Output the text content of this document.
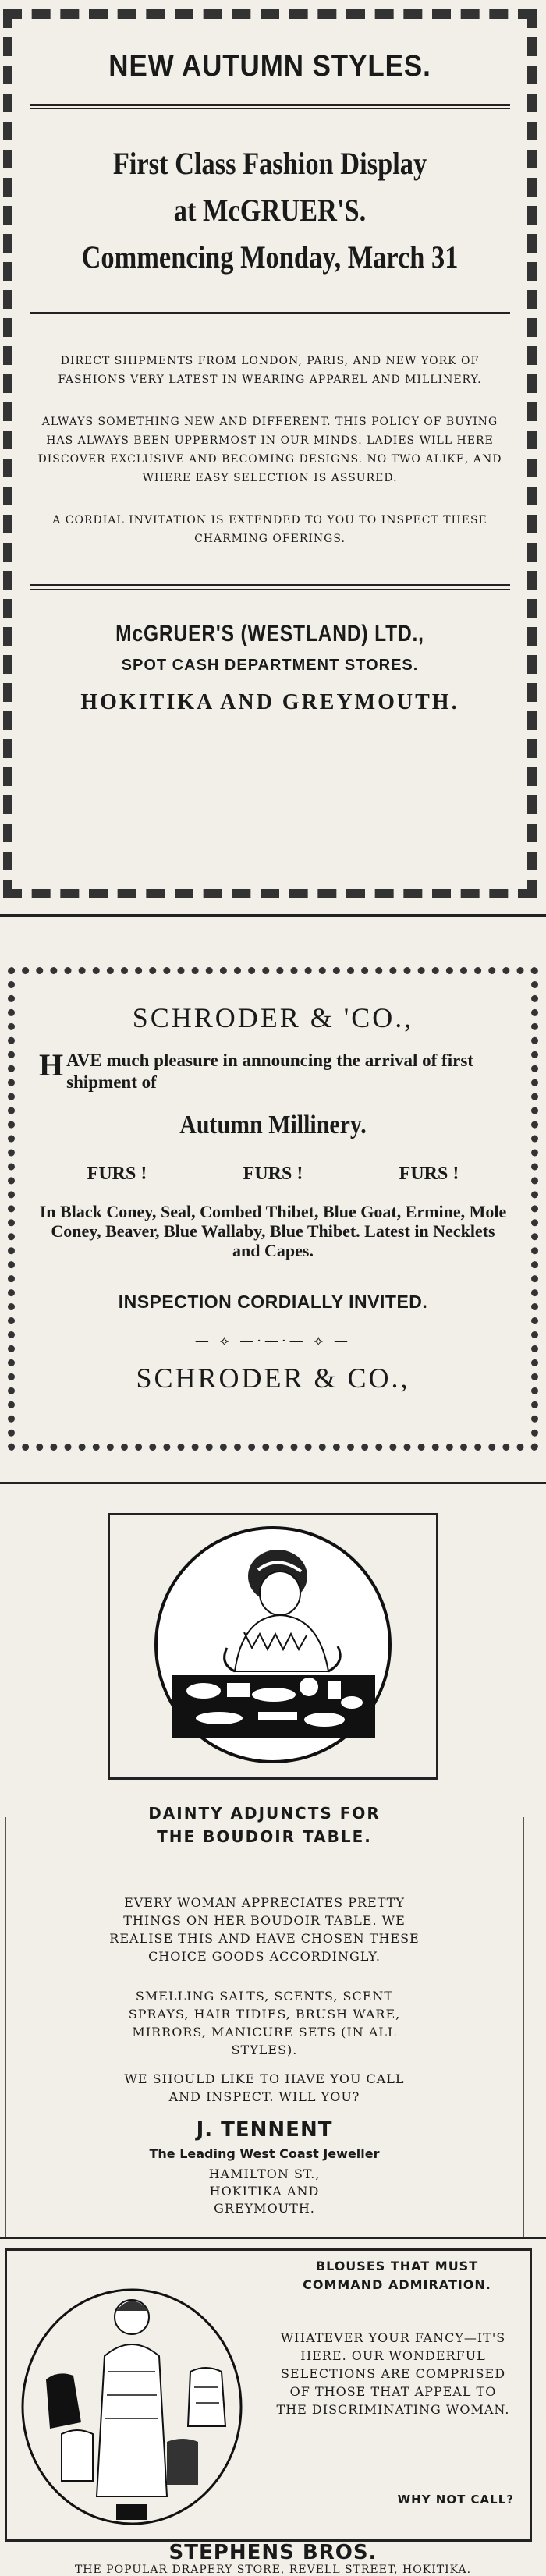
NEW AUTUMN STYLES.
First Class Fashion Display
at McGRUER'S.
Commencing Monday, March 31

DIRECT SHIPMENTS FROM LONDON, PARIS, AND NEW YORK OF FASHIONS VERY LATEST IN WEARING APPAREL AND MILLINERY.

ALWAYS SOMETHING NEW AND DIFFERENT. THIS POLICY OF BUYING HAS ALWAYS BEEN UPPERMOST IN OUR MINDS. LADIES WILL HERE DISCOVER EXCLUSIVE AND BECOMING DESIGNS. NO TWO ALIKE, AND WHERE EASY SELECTION IS ASSURED.

A CORDIAL INVITATION IS EXTENDED TO YOU TO INSPECT THESE CHARMING OFERINGS.

McGRUER'S (WESTLAND) LTD.,
SPOT CASH DEPARTMENT STORES.
HOKITIKA AND GREYMOUTH.
SCHRODER & 'CO.,
H AVE much pleasure in announcing the arrival of first shipment of
Autumn Millinery.
FURS !	FURS !	FURS !
In Black Coney, Seal, Combed Thibet, Blue Goat, Ermine, Mole Coney, Beaver, Blue Wallaby, Blue Thibet. Latest in Necklets and Capes.
INSPECTION CORDIALLY INVITED.
— ⟡ —·—·— ⟡ —
SCHRODER & CO.,
DAINTY ADJUNCTS FOR
THE BOUDOIR TABLE.

EVERY WOMAN APPRECIATES PRETTY THINGS ON HER BOUDOIR TABLE. WE REALISE THIS AND HAVE CHOSEN THESE CHOICE GOODS ACCORDINGLY.

SMELLING SALTS, SCENTS, SCENT SPRAYS, HAIR TIDIES, BRUSH WARE, MIRRORS, MANICURE SETS (IN ALL STYLES).

WE SHOULD LIKE TO HAVE YOU CALL AND INSPECT. WILL YOU?

J. TENNENT
The Leading West Coast Jeweller

HAMILTON ST., HOKITIKA AND GREYMOUTH.

BLOUSES THAT MUST COMMAND ADMIRATION.

WHATEVER YOUR FANCY—IT'S HERE. OUR WONDERFUL SELECTIONS ARE COMPRISED OF THOSE THAT APPEAL TO THE DISCRIMINATING WOMAN.

WHY NOT CALL?
STEPHENS BROS.
THE POPULAR DRAPERY STORE, REVELL STREET, HOKITIKA.
